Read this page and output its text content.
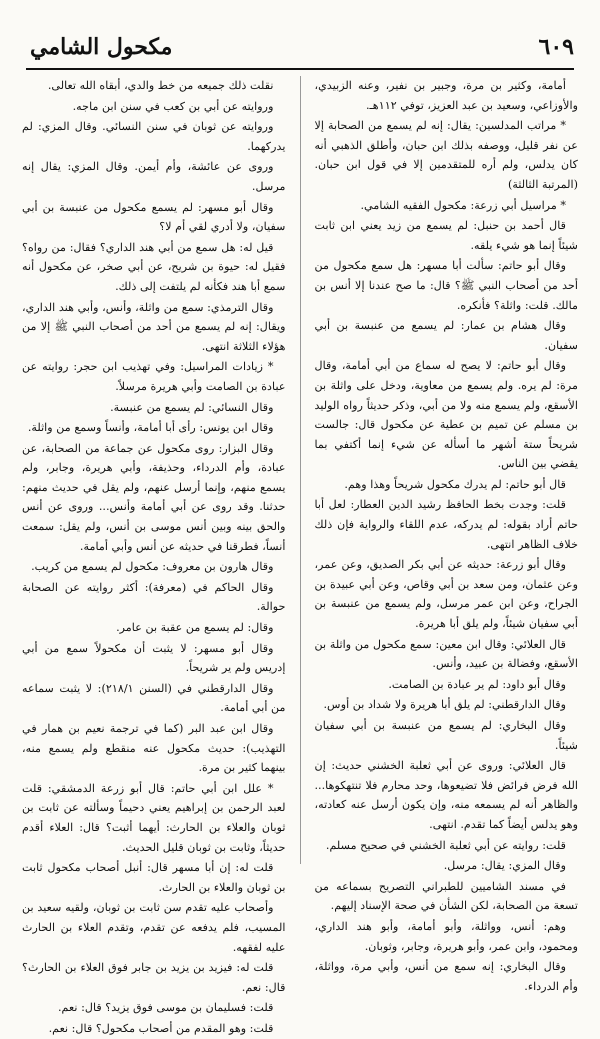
٦٠٩
مكحول الشامي

أمامة، وكثير بن مرة، وجبير بن نفير، وعنه الزبيدي، والأوزاعي، وسعيد بن عبد العزيز، توفي ١١٢هـ.

* مراتب المدلسين: يقال: إنه لم يسمع من الصحابة إلا عن نفر قليل، ووصفه بذلك ابن حبان، وأطلق الذهبي أنه كان يدلس، ولم أره للمتقدمين إلا في قول ابن حبان. (المرتبة الثالثة)

* مراسيل أبي زرعة: مكحول الفقيه الشامي.

قال أحمد بن حنبل: لم يسمع من زيد يعني ابن ثابت شيئاً إنما هو شيء يلقه.

وقال أبو حاتم: سألت أبا مسهر: هل سمع مكحول من أحد من أصحاب النبي ﷺ؟ قال: ما صح عندنا إلا أنس بن مالك. قلت: واثلة؟ فأنكره.

وقال هشام بن عمار: لم يسمع من عنبسة بن أبي سفيان.

وقال أبو حاتم: لا يصح له سماع من أبي أمامة، وقال مرة: لم يره. ولم يسمع من معاوية، ودخل على واثلة بن الأسقع، ولم يسمع منه ولا من أبي، وذكر حديثاً رواه الوليد بن مسلم عن تميم بن عطية عن مكحول قال: جالست شريحاً ستة أشهر ما أسأله عن شيء إنما أكتفي بما يقضي بين الناس.

قال أبو حاتم: لم يدرك مكحول شريحاً وهذا وهم.

قلت: وجدت بخط الحافظ رشيد الدين العطار: لعل أبا حاتم أراد بقوله: لم يدركه، عدم اللقاء والرواية فإن ذلك خلاف الظاهر انتهى.

وقال أبو زرعة: حديثه عن أبي بكر الصديق، وعن عمر، وعن عثمان، ومن سعد بن أبي وقاص، وعن أبي عبيدة بن الجراح، وعن ابن عمر مرسل، ولم يسمع من عنبسة بن أبي سفيان شيئاً، ولم يلق أبا هريرة.

قال العلائي: وقال ابن معين: سمع مكحول من واثلة بن الأسقع، وفضالة بن عبيد، وأنس.

وقال أبو داود: لم ير عبادة بن الصامت.

وقال الدارقطني: لم يلق أبا هريرة ولا شداد بن أوس.

وقال البخاري: لم يسمع من عنبسة بن أبي سفيان شيئاً.

قال العلائي: وروى عن أبي ثعلبة الخشني حديث: إن الله فرض فرائض فلا تضيعوها، وحد محارم فلا تنتهكوها... والظاهر أنه لم يسمعه منه، وإن يكون أرسل عنه كعادته، وهو يدلس أيضاً كما تقدم. انتهى.

قلت: روايته عن أبي ثعلبة الخشني في صحيح مسلم.

وقال المزي: يقال: مرسل.

في مسند الشاميين للطبراني التصريح بسماعه من تسعة من الصحابة، لكن الشأن في صحة الإسناد إليهم.

وهم: أنس، وواثلة، وأبو أمامة، وأبو هند الداري، ومحمود، وابن عمر، وأبو هريرة، وجابر، وثوبان.

وقال البخاري: إنه سمع من أنس، وأبي مرة، وواثلة، وأم الدرداء.

نقلت ذلك جميعه من خط والدي، أبقاه الله تعالى.

وروايته عن أبي بن كعب في سنن ابن ماجه.

وروايته عن ثوبان في سنن النسائي. وقال المزي: لم يدركهما.

وروى عن عائشة، وأم أيمن. وقال المزي: يقال إنه مرسل.

وقال أبو مسهر: لم يسمع مكحول من عنبسة بن أبي سفيان، ولا أدري لقي أم لا؟

قيل له: هل سمع من أبي هند الداري؟ فقال: من رواه؟ فقيل له: حيوة بن شريح، عن أبي صخر، عن مكحول أنه سمع أبا هند فكأنه لم يلتفت إلى ذلك.

وقال الترمذي: سمع من واثلة، وأنس، وأبي هند الداري، ويقال: إنه لم يسمع من أحد من أصحاب النبي ﷺ إلا من هؤلاء الثلاثة انتهى.

* زيادات المراسيل: وفي تهذيب ابن حجر: روايته عن عبادة بن الصامت وأبي هريرة مرسلاً.

وقال النسائي: لم يسمع من عنبسة.

وقال ابن يونس: رأى أبا أمامة، وأنساً وسمع من واثلة.

وقال البزار: روى مكحول عن جماعة من الصحابة، عن عبادة، وأم الدرداء، وحذيفة، وأبي هريرة، وجابر، ولم يسمع منهم، وإنما أرسل عنهم، ولم يقل في حديث منهم: حدثنا. وقد روى عن أبي أمامة وأنس... وروى عن أنس والحق بينه وبين أنس موسى بن أنس، ولم يقل: سمعت أنساً، فطرقنا في حديثه عن أنس وأبي أمامة.

وقال هارون بن معروف: مكحول لم يسمع من كريب.

وقال الحاكم في (معرفة): أكثر روايته عن الصحابة حوالة.

وقال: لم يسمع من عقبة بن عامر.

وقال أبو مسهر: لا يثبت أن مكحولاً سمع من أبي إدريس ولم ير شريحاً.

وقال الدارقطني في (السنن ٢١٨/١): لا يثبت سماعه من أبي أمامة.

وقال ابن عبد البر (كما في ترجمة نعيم بن همار في التهذيب): حديث مكحول عنه منقطع ولم يسمع منه، بينهما كثير بن مرة.

* علل ابن أبي حاتم: قال أبو زرعة الدمشقي: قلت لعبد الرحمن بن إبراهيم يعني دحيماً وسألته عن ثابت بن ثوبان والعلاء بن الحارث: أيهما أثبت؟ قال: العلاء أقدم حديثاً، وثابت بن ثوبان قليل الحديث.

قلت له: إن أبا مسهر قال: أنبل أصحاب مكحول ثابت بن ثوبان والعلاء بن الحارث.

وأصحاب عليه تقدم سن ثابت بن ثوبان، ولقيه سعيد بن المسيب، فلم يدفعه عن تقدم، وتقدم العلاء بن الحارث عليه لفقهه.

قلت له: فيزيد بن يزيد بن جابر فوق العلاء بن الحارث؟ قال: نعم.

قلت: فسليمان بن موسى فوق يزيد؟ قال: نعم.

قلت: وهو المقدم من أصحاب مكحول؟ قال: نعم.
